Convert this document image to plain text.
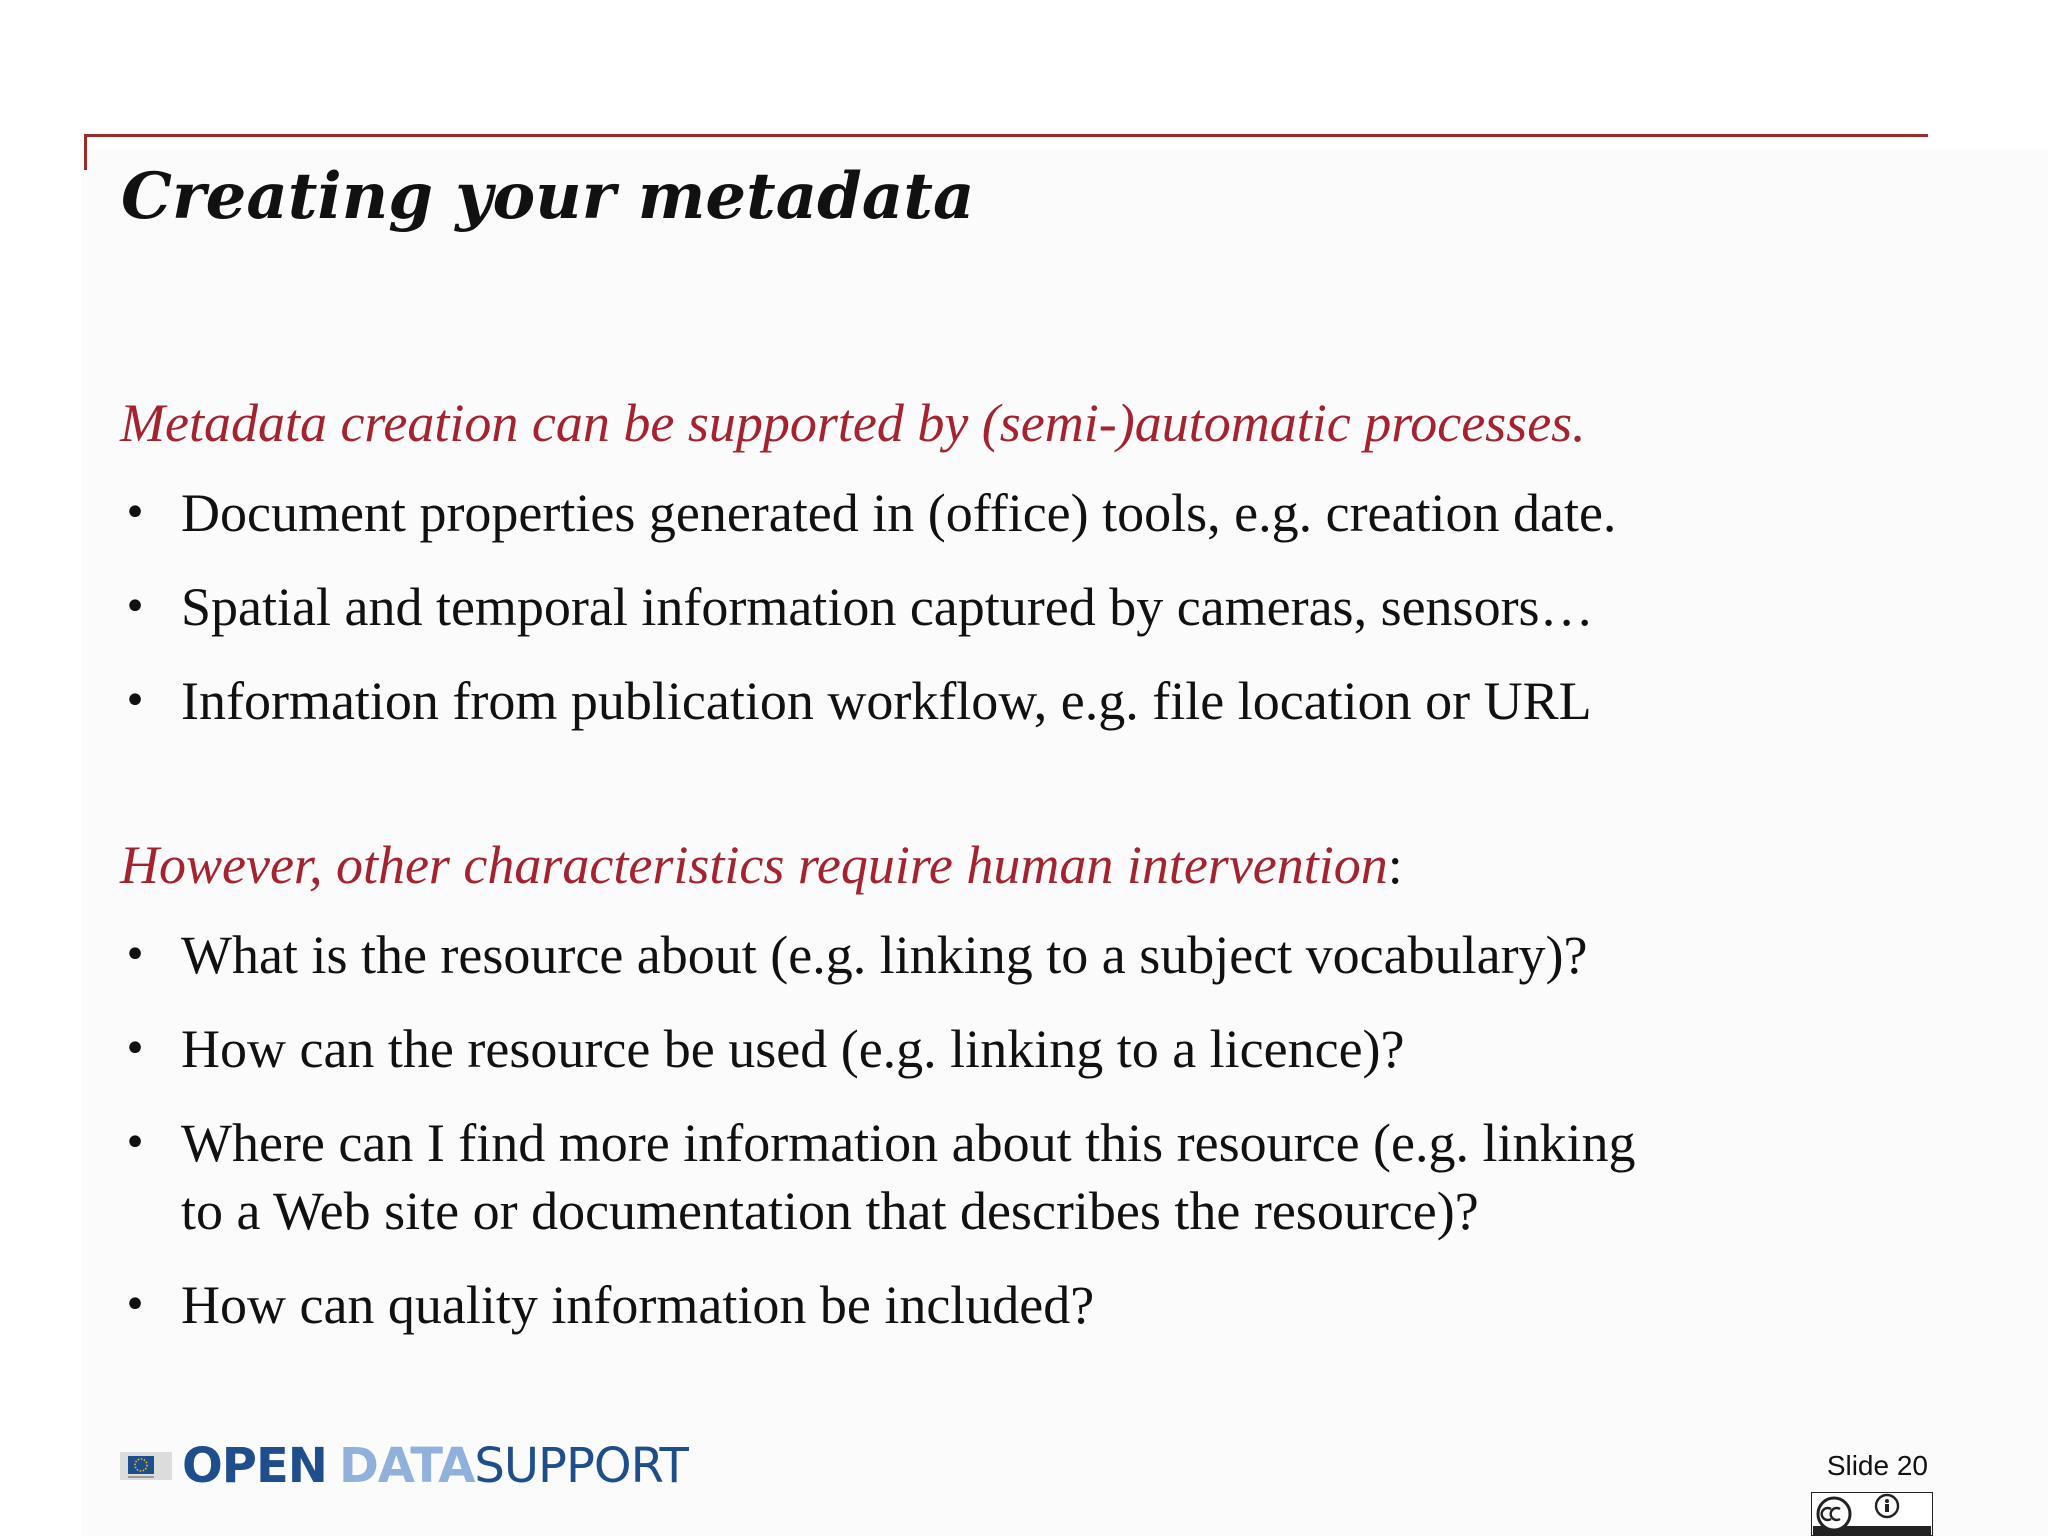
Creating your metadata

Metadata creation can be supported by (semi-)automatic processes.

• Document properties generated in (office) tools, e.g. creation date.
• Spatial and temporal information captured by cameras, sensors…
• Information from publication workflow, e.g. file location or URL

However, other characteristics require human intervention:

• What is the resource about (e.g. linking to a subject vocabulary)?
• How can the resource be used (e.g. linking to a licence)?
• Where can I find more information about this resource (e.g. linking
to a Web site or documentation that describes the resource)?
• How can quality information be included?
OPEN DATASUPPORT	Slide 20
